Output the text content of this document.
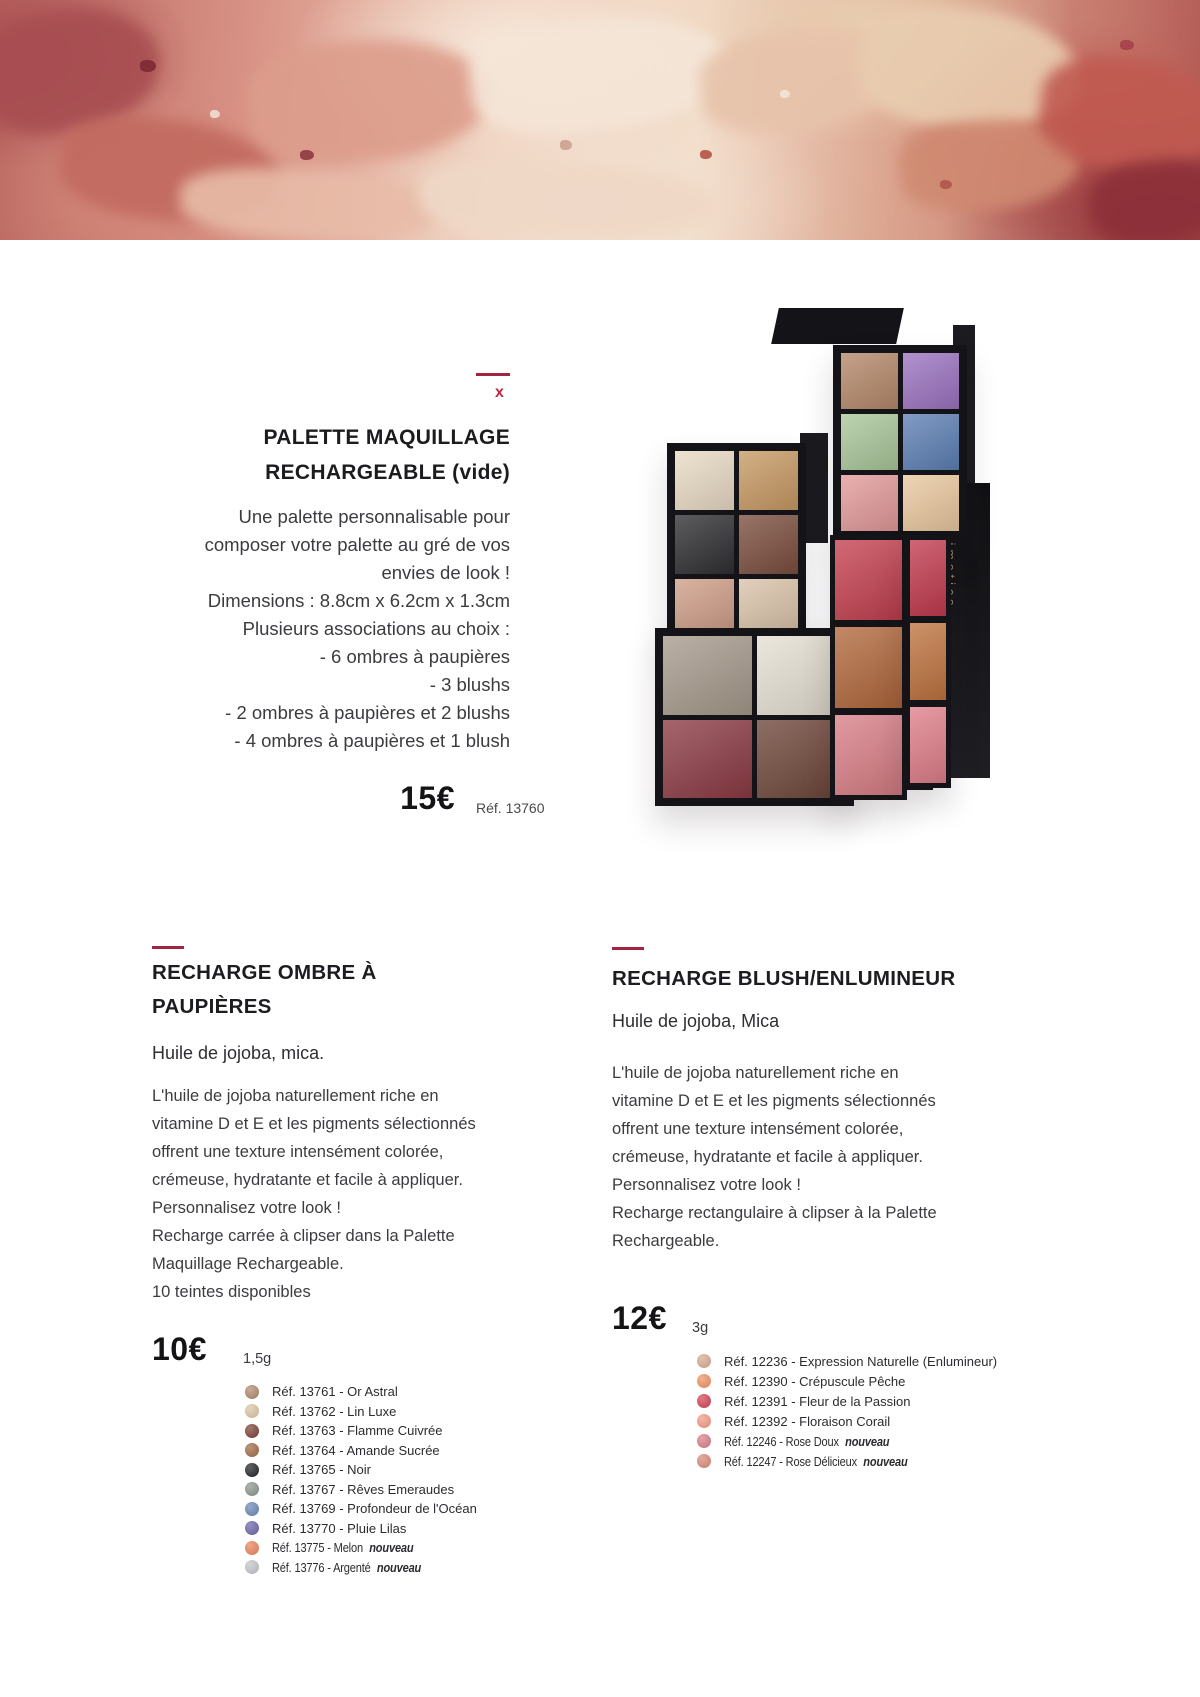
x
PALETTE MAQUILLAGE
RECHARGEABLE (vide)
Une palette personnalisable pour
composer votre palette au gré de vos
envies de look !
Dimensions : 8.8cm x 6.2cm x 1.3cm
Plusieurs associations au choix :
- 6 ombres à paupières
- 3 blushs
- 2 ombres à paupières et 2 blushs
- 4 ombres à paupières et 1 blush
15€ Réf. 13760
RECHARGE OMBRE À
PAUPIÈRES
Huile de jojoba, mica.
L'huile de jojoba naturellement riche en
vitamine D et E et les pigments sélectionnés
offrent une texture intensément colorée,
crémeuse, hydratante et facile à appliquer.
Personnalisez votre look !
Recharge carrée à clipser dans la Palette
Maquillage Rechargeable.
10 teintes disponibles
10€ 1,5g
Réf. 13761 - Or Astral
Réf. 13762 - Lin Luxe
Réf. 13763 - Flamme Cuivrée
Réf. 13764 - Amande Sucrée
Réf. 13765 - Noir
Réf. 13767 - Rêves Emeraudes
Réf. 13769 - Profondeur de l'Océan
Réf. 13770 - Pluie Lilas
Réf. 13775 - Melon nouveau
Réf. 13776 - Argenté nouveau
RECHARGE BLUSH/ENLUMINEUR
Huile de jojoba, Mica
L'huile de jojoba naturellement riche en
vitamine D et E et les pigments sélectionnés
offrent une texture intensément colorée,
crémeuse, hydratante et facile à appliquer.
Personnalisez votre look !
Recharge rectangulaire à clipser à la Palette
Rechargeable.
12€ 3g
Réf. 12236 - Expression Naturelle (Enlumineur)
Réf. 12390 - Crépuscule Pêche
Réf. 12391 - Fleur de la Passion
Réf. 12392 - Floraison Corail
Réf. 12246 - Rose Doux nouveau
Réf. 12247 - Rose Délicieux nouveau
